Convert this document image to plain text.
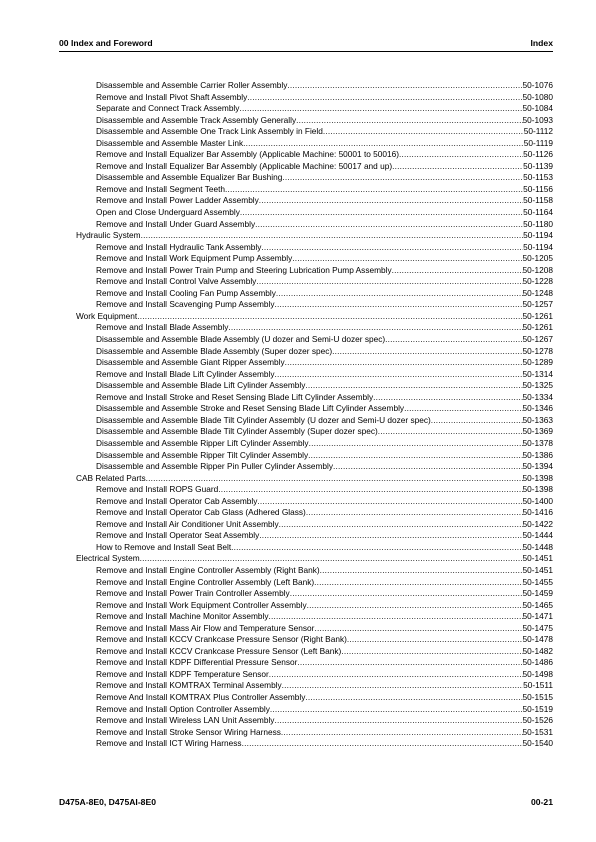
00 Index and Foreword	Index
Disassemble and Assemble Carrier Roller Assembly .....	50-1076
Remove and Install Pivot Shaft Assembly .....	50-1080
Separate and Connect Track Assembly .....	50-1084
Disassemble and Assemble Track Assembly Generally .....	50-1093
Disassemble and Assemble One Track Link Assembly in Field .....	50-1112
Disassemble and Assemble Master Link .....	50-1119
Remove and Install Equalizer Bar Assembly (Applicable Machine: 50001 to 50016) .....	50-1126
Remove and Install Equalizer Bar Assembly (Applicable Machine: 50017 and up) .....	50-1139
Disassemble and Assemble Equalizer Bar Bushing .....	50-1153
Remove and Install Segment Teeth .....	50-1156
Remove and Install Power Ladder Assembly .....	50-1158
Open and Close Underguard Assembly .....	50-1164
Remove and Install Under Guard Assembly .....	50-1180
Hydraulic System .....	50-1194
Remove and Install Hydraulic Tank Assembly .....	50-1194
Remove and Install Work Equipment Pump Assembly .....	50-1205
Remove and Install Power Train Pump and Steering Lubrication Pump Assembly .....	50-1208
Remove and Install Control Valve Assembly .....	50-1228
Remove and Install Cooling Fan Pump Assembly .....	50-1248
Remove and Install Scavenging Pump Assembly .....	50-1257
Work Equipment .....	50-1261
Remove and Install Blade Assembly .....	50-1261
Disassemble and Assemble Blade Assembly (U dozer and Semi-U dozer spec) .....	50-1267
Disassemble and Assemble Blade Assembly (Super dozer spec) .....	50-1278
Disassemble and Assemble Giant Ripper Assembly .....	50-1289
Remove and Install Blade Lift Cylinder Assembly .....	50-1314
Disassemble and Assemble Blade Lift Cylinder Assembly .....	50-1325
Remove and Install Stroke and Reset Sensing Blade Lift Cylinder Assembly .....	50-1334
Disassemble and Assemble Stroke and Reset Sensing Blade Lift Cylinder Assembly .....	50-1346
Disassemble and Assemble Blade Tilt Cylinder Assembly (U dozer and Semi-U dozer spec) .....	50-1363
Disassemble and Assemble Blade Tilt Cylinder Assembly (Super dozer spec) .....	50-1369
Disassemble and Assemble Ripper Lift Cylinder Assembly .....	50-1378
Disassemble and Assemble Ripper Tilt Cylinder Assembly .....	50-1386
Disassemble and Assemble Ripper Pin Puller Cylinder Assembly .....	50-1394
CAB Related Parts .....	50-1398
Remove and Install ROPS Guard .....	50-1398
Remove and Install Operator Cab Assembly .....	50-1400
Remove and Install Operator Cab Glass (Adhered Glass) .....	50-1416
Remove and Install Air Conditioner Unit Assembly .....	50-1422
Remove and Install Operator Seat Assembly .....	50-1444
How to Remove and Install Seat Belt .....	50-1448
Electrical System .....	50-1451
Remove and Install Engine Controller Assembly (Right Bank) .....	50-1451
Remove and Install Engine Controller Assembly (Left Bank) .....	50-1455
Remove and Install Power Train Controller Assembly .....	50-1459
Remove and Install Work Equipment Controller Assembly .....	50-1465
Remove and Install Machine Monitor Assembly .....	50-1471
Remove and Install Mass Air Flow and Temperature Sensor .....	50-1475
Remove and Install KCCV Crankcase Pressure Sensor (Right Bank) .....	50-1478
Remove and Install KCCV Crankcase Pressure Sensor (Left Bank) .....	50-1482
Remove and Install KDPF Differential Pressure Sensor .....	50-1486
Remove and Install KDPF Temperature Sensor .....	50-1498
Remove and Install KOMTRAX Terminal Assembly .....	50-1511
Remove And Install KOMTRAX Plus Controller Assembly .....	50-1515
Remove and Install Option Controller Assembly .....	50-1519
Remove and Install Wireless LAN Unit Assembly .....	50-1526
Remove and Install Stroke Sensor Wiring Harness .....	50-1531
Remove and Install ICT Wiring Harness .....	50-1540
D475A-8E0, D475AI-8E0	00-21
